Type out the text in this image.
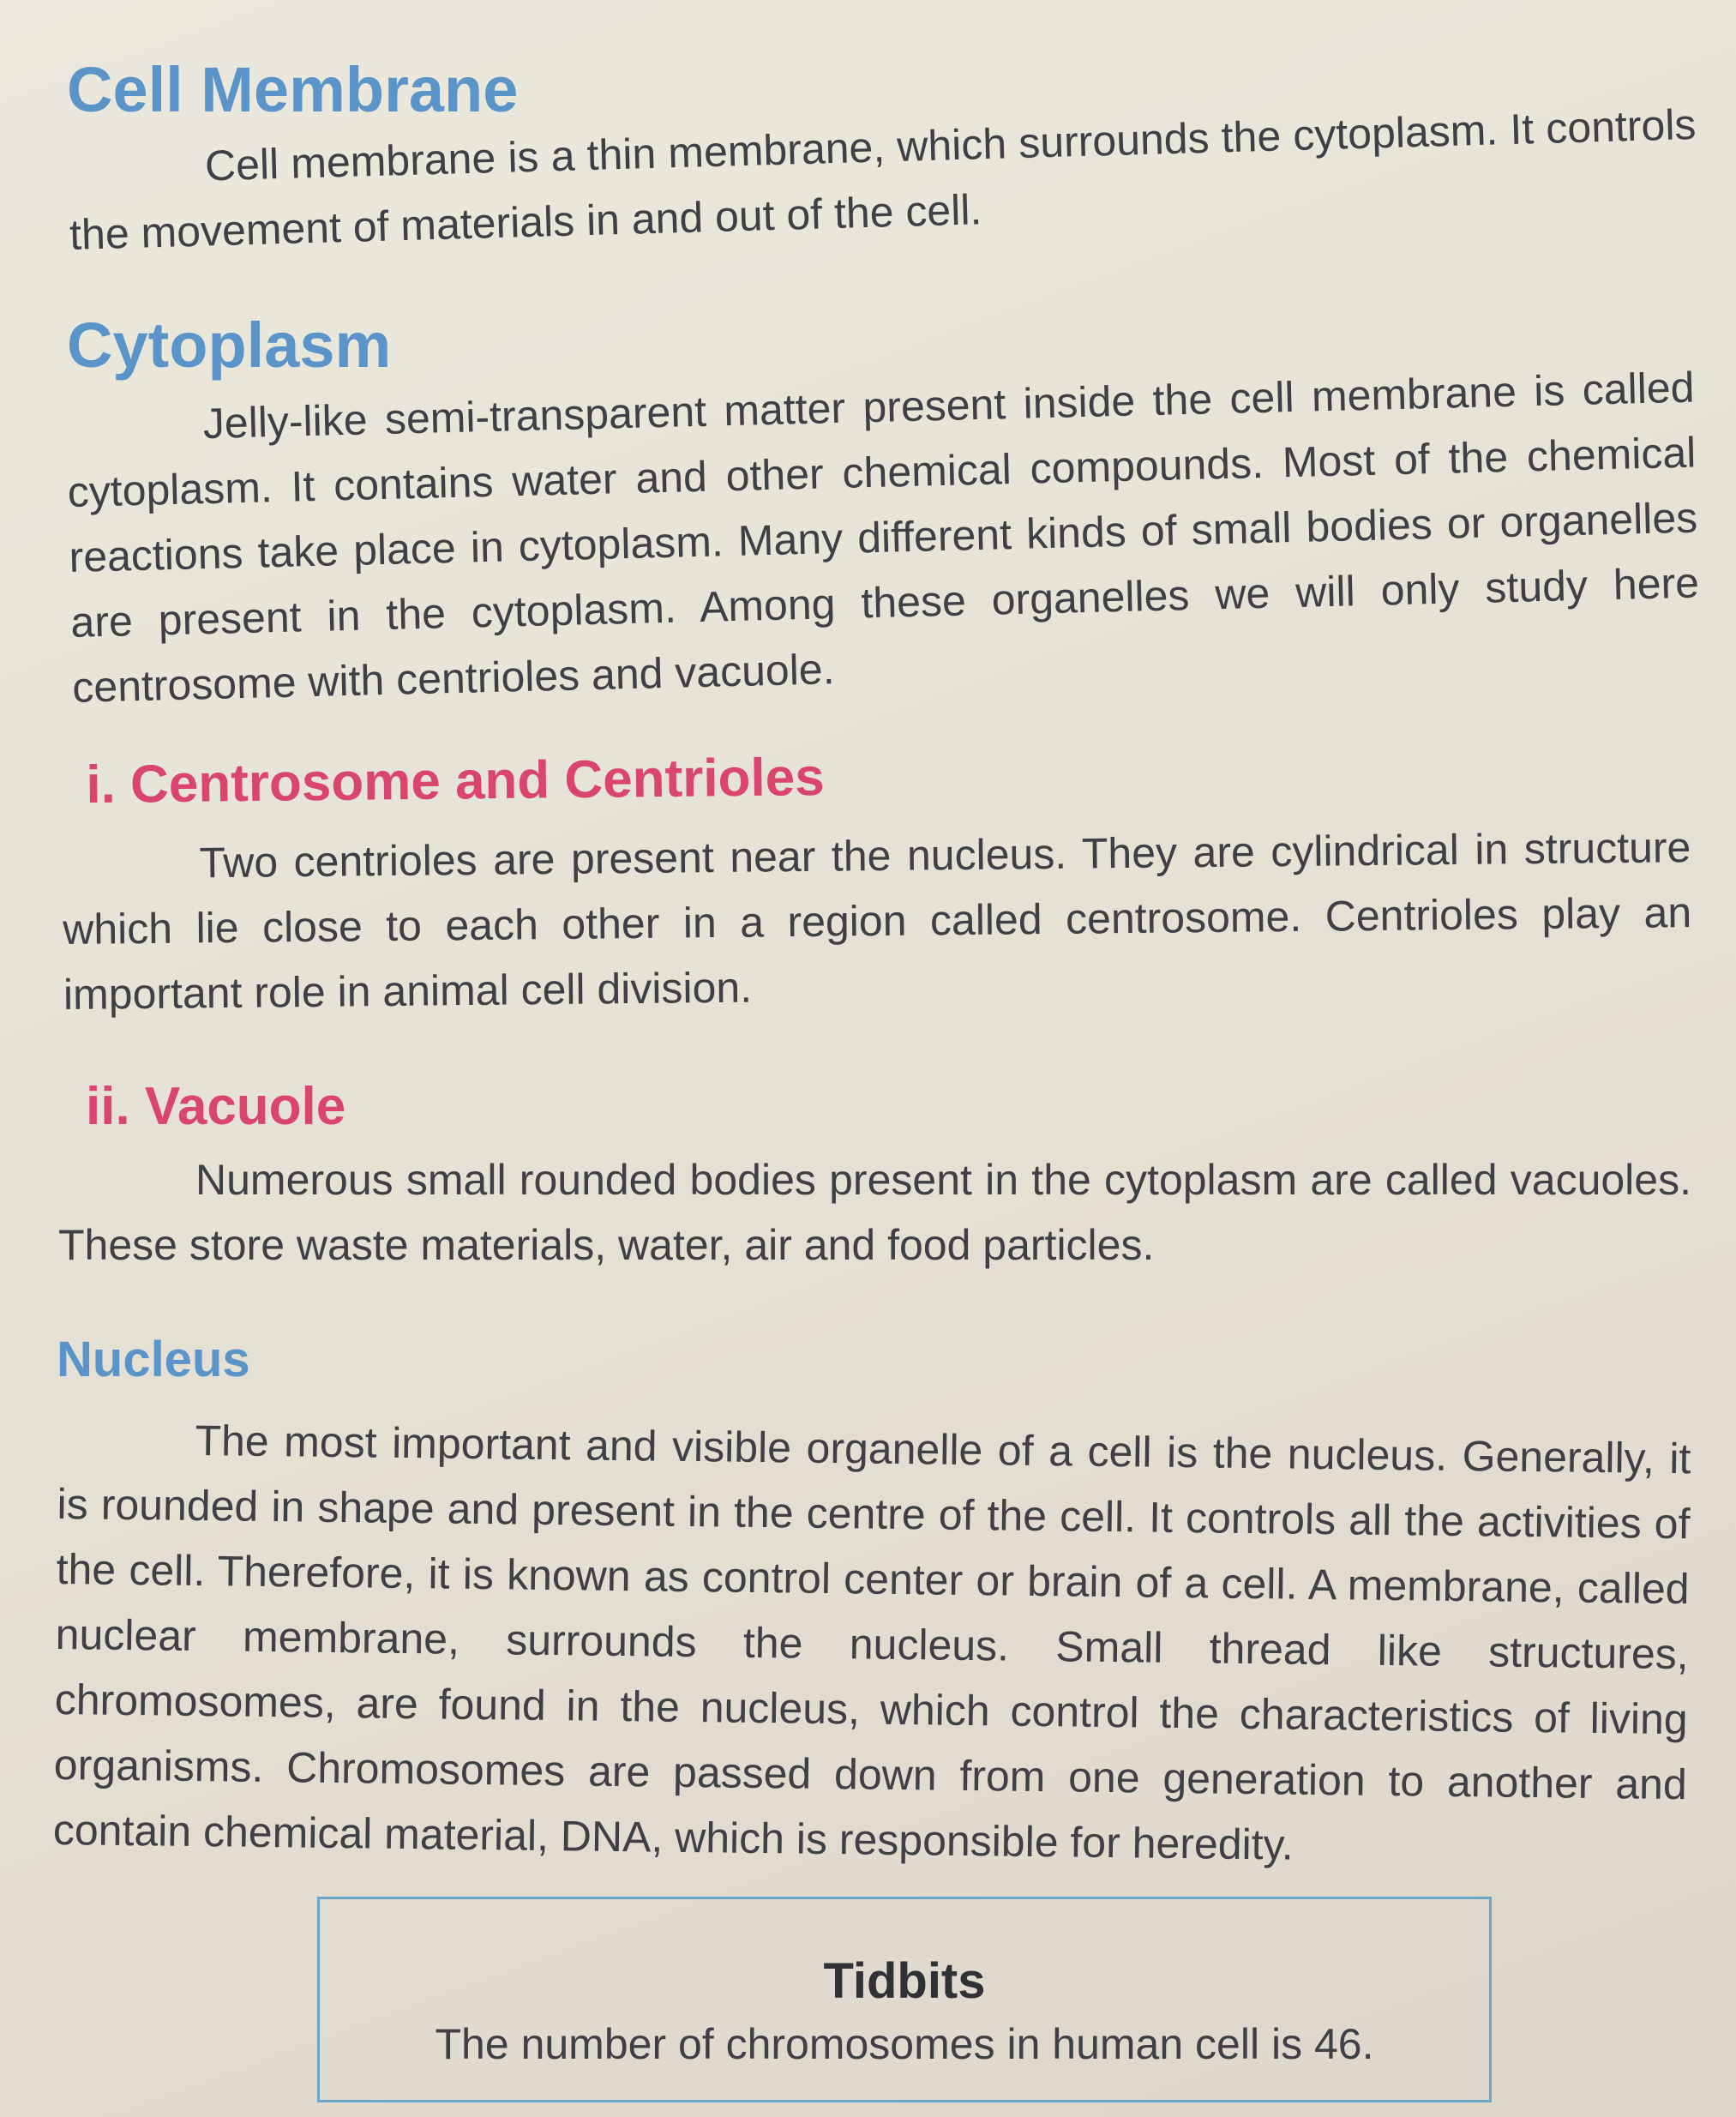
Cell Membrane
Cell membrane is a thin membrane, which surrounds the cytoplasm. It controls the movement of materials in and out of the cell.
Cytoplasm
Jelly-like semi-transparent matter present inside the cell membrane is called cytoplasm. It contains water and other chemical compounds. Most of the chemical reactions take place in cytoplasm. Many different kinds of small bodies or organelles are present in the cytoplasm. Among these organelles we will only study here centrosome with centrioles and vacuole.
i. Centrosome and Centrioles
Two centrioles are present near the nucleus. They are cylindrical in structure which lie close to each other in a region called centrosome. Centrioles play an important role in animal cell division.
ii. Vacuole
Numerous small rounded bodies present in the cytoplasm are called vacuoles. These store waste materials, water, air and food particles.
Nucleus
The most important and visible organelle of a cell is the nucleus. Generally, it is rounded in shape and present in the centre of the cell. It controls all the activities of the cell. Therefore, it is known as control center or brain of a cell. A membrane, called nuclear membrane, surrounds the nucleus. Small thread like structures, chromosomes, are found in the nucleus, which control the characteristics of living organisms. Chromosomes are passed down from one generation to another and contain chemical material, DNA, which is responsible for heredity.
Tidbits
The number of chromosomes in human cell is 46.
